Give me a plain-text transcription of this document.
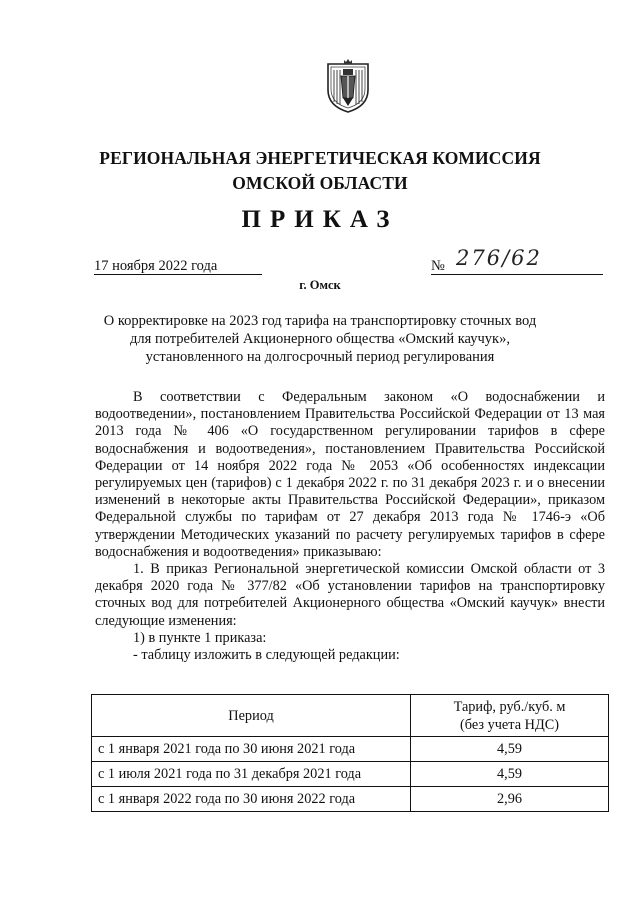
РЕГИОНАЛЬНАЯ ЭНЕРГЕТИЧЕСКАЯ КОМИССИЯ
ОМСКОЙ ОБЛАСТИ
ПРИКАЗ
17 ноября 2022 года	№ 276/62
г. Омск
О корректировке на 2023 год тарифа на транспортировку сточных вод
для потребителей Акционерного общества «Омский каучук»,
установленного на долгосрочный период регулирования

В соответствии с Федеральным законом «О водоснабжении и водоотведении», постановлением Правительства Российской Федерации от 13 мая 2013 года № 406 «О государственном регулировании тарифов в сфере водоснабжения и водоотведения», постановлением Правительства Российской Федерации от 14 ноября 2022 года № 2053 «Об особенностях индексации регулируемых цен (тарифов) с 1 декабря 2022 г. по 31 декабря 2023 г. и о внесении изменений в некоторые акты Правительства Российской Федерации», приказом Федеральной службы по тарифам от 27 декабря 2013 года № 1746-э «Об утверждении Методических указаний по расчету регулируемых тарифов в сфере водоснабжения и водоотведения» приказываю:

1. В приказ Региональной энергетической комиссии Омской области от 3 декабря 2020 года № 377/82 «Об установлении тарифов на транспортировку сточных вод для потребителей Акционерного общества «Омский каучук» внести следующие изменения:

1) в пункте 1 приказа:

- таблицу изложить в следующей редакции:

Период	Тариф, руб./куб. м
(без учета НДС)

с 1 января 2021 года по 30 июня 2021 года	4,59
с 1 июля 2021 года по 31 декабря 2021 года	4,59
с 1 января 2022 года по 30 июня 2022 года	2,96
